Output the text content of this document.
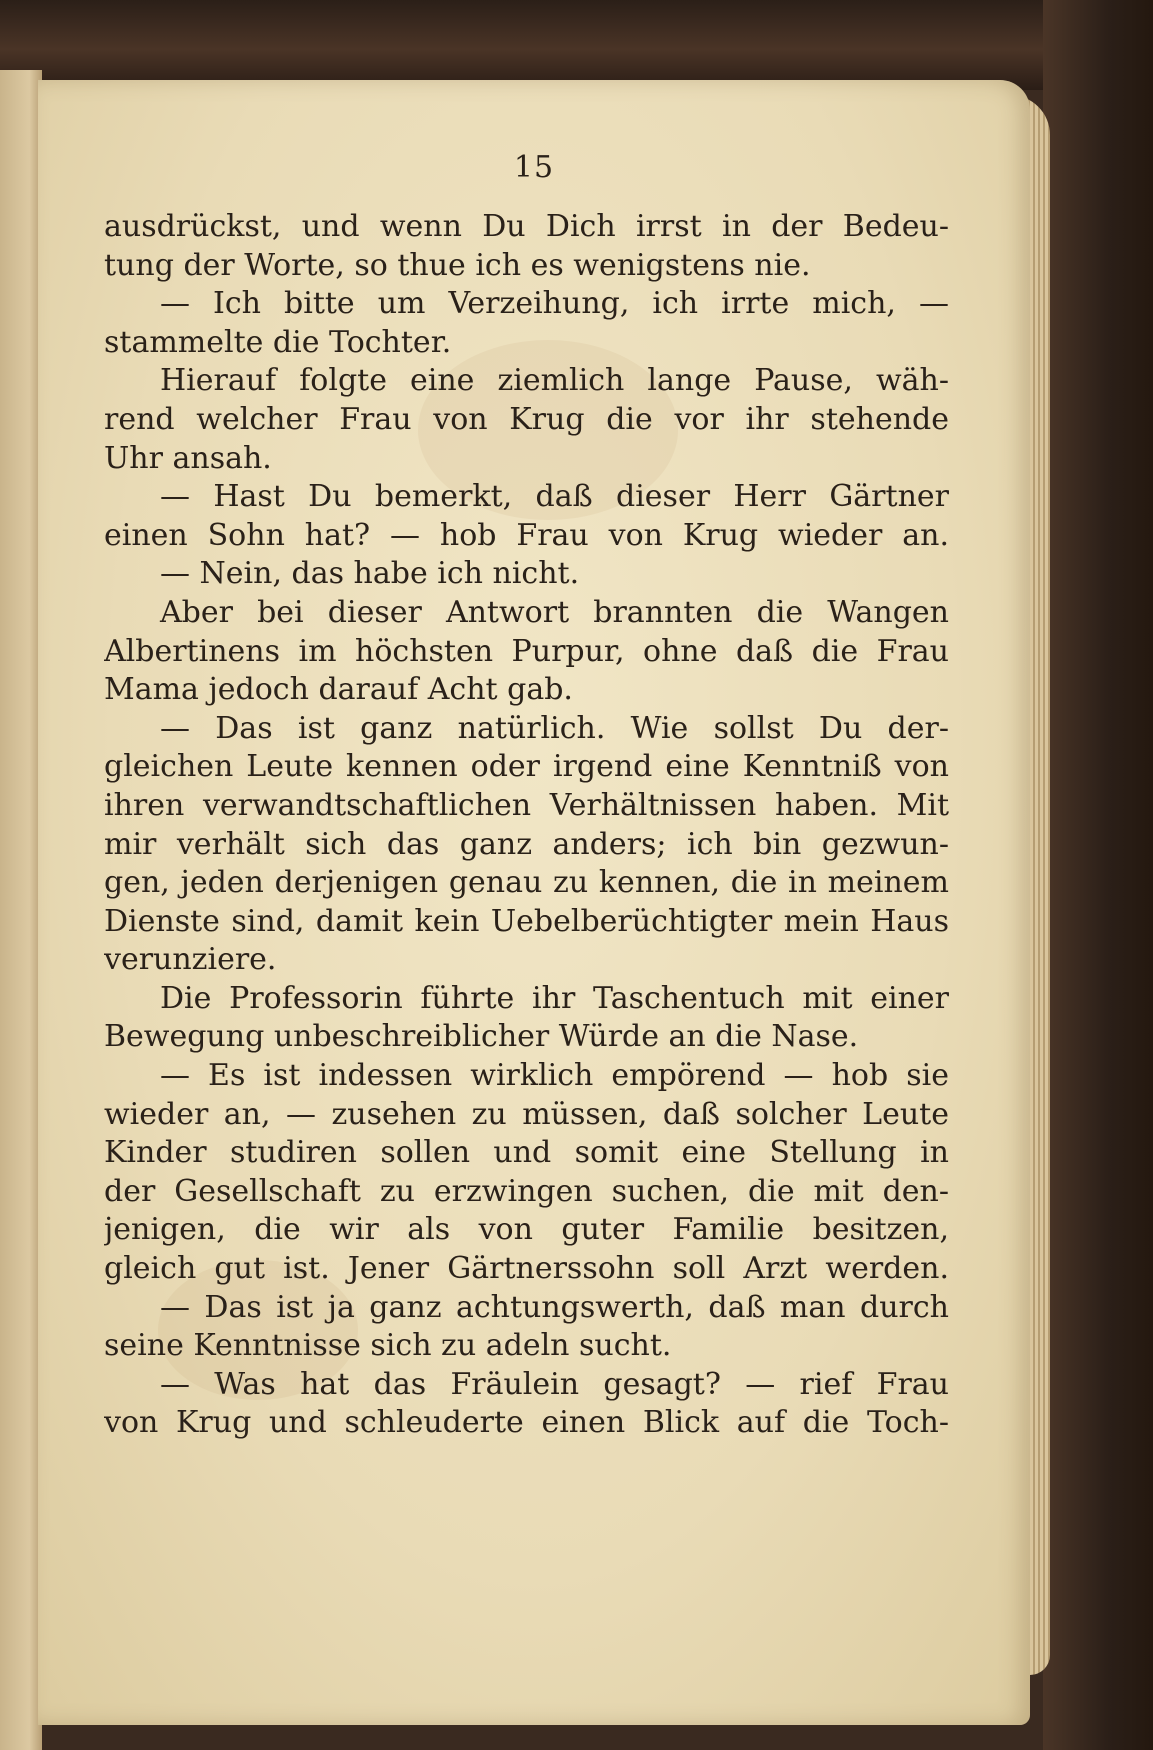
15
ausdrückst, und wenn Du Dich irrst in der Bedeu-
tung der Worte, so thue ich es wenigstens nie.
— Ich bitte um Verzeihung, ich irrte mich, —
stammelte die Tochter.
Hierauf folgte eine ziemlich lange Pause, wäh-
rend welcher Frau von Krug die vor ihr stehende
Uhr ansah.
— Hast Du bemerkt, daß dieser Herr Gärtner
einen Sohn hat? — hob Frau von Krug wieder an.
— Nein, das habe ich nicht.
Aber bei dieser Antwort brannten die Wangen
Albertinens im höchsten Purpur, ohne daß die Frau
Mama jedoch darauf Acht gab.
— Das ist ganz natürlich. Wie sollst Du der-
gleichen Leute kennen oder irgend eine Kenntniß von
ihren verwandtschaftlichen Verhältnissen haben. Mit
mir verhält sich das ganz anders; ich bin gezwun-
gen, jeden derjenigen genau zu kennen, die in meinem
Dienste sind, damit kein Uebelberüchtigter mein Haus
verunziere.
Die Professorin führte ihr Taschentuch mit einer
Bewegung unbeschreiblicher Würde an die Nase.
— Es ist indessen wirklich empörend — hob sie
wieder an, — zusehen zu müssen, daß solcher Leute
Kinder studiren sollen und somit eine Stellung in
der Gesellschaft zu erzwingen suchen, die mit den-
jenigen, die wir als von guter Familie besitzen,
gleich gut ist. Jener Gärtnerssohn soll Arzt werden.
— Das ist ja ganz achtungswerth, daß man durch
seine Kenntnisse sich zu adeln sucht.
— Was hat das Fräulein gesagt? — rief Frau
von Krug und schleuderte einen Blick auf die Toch-
